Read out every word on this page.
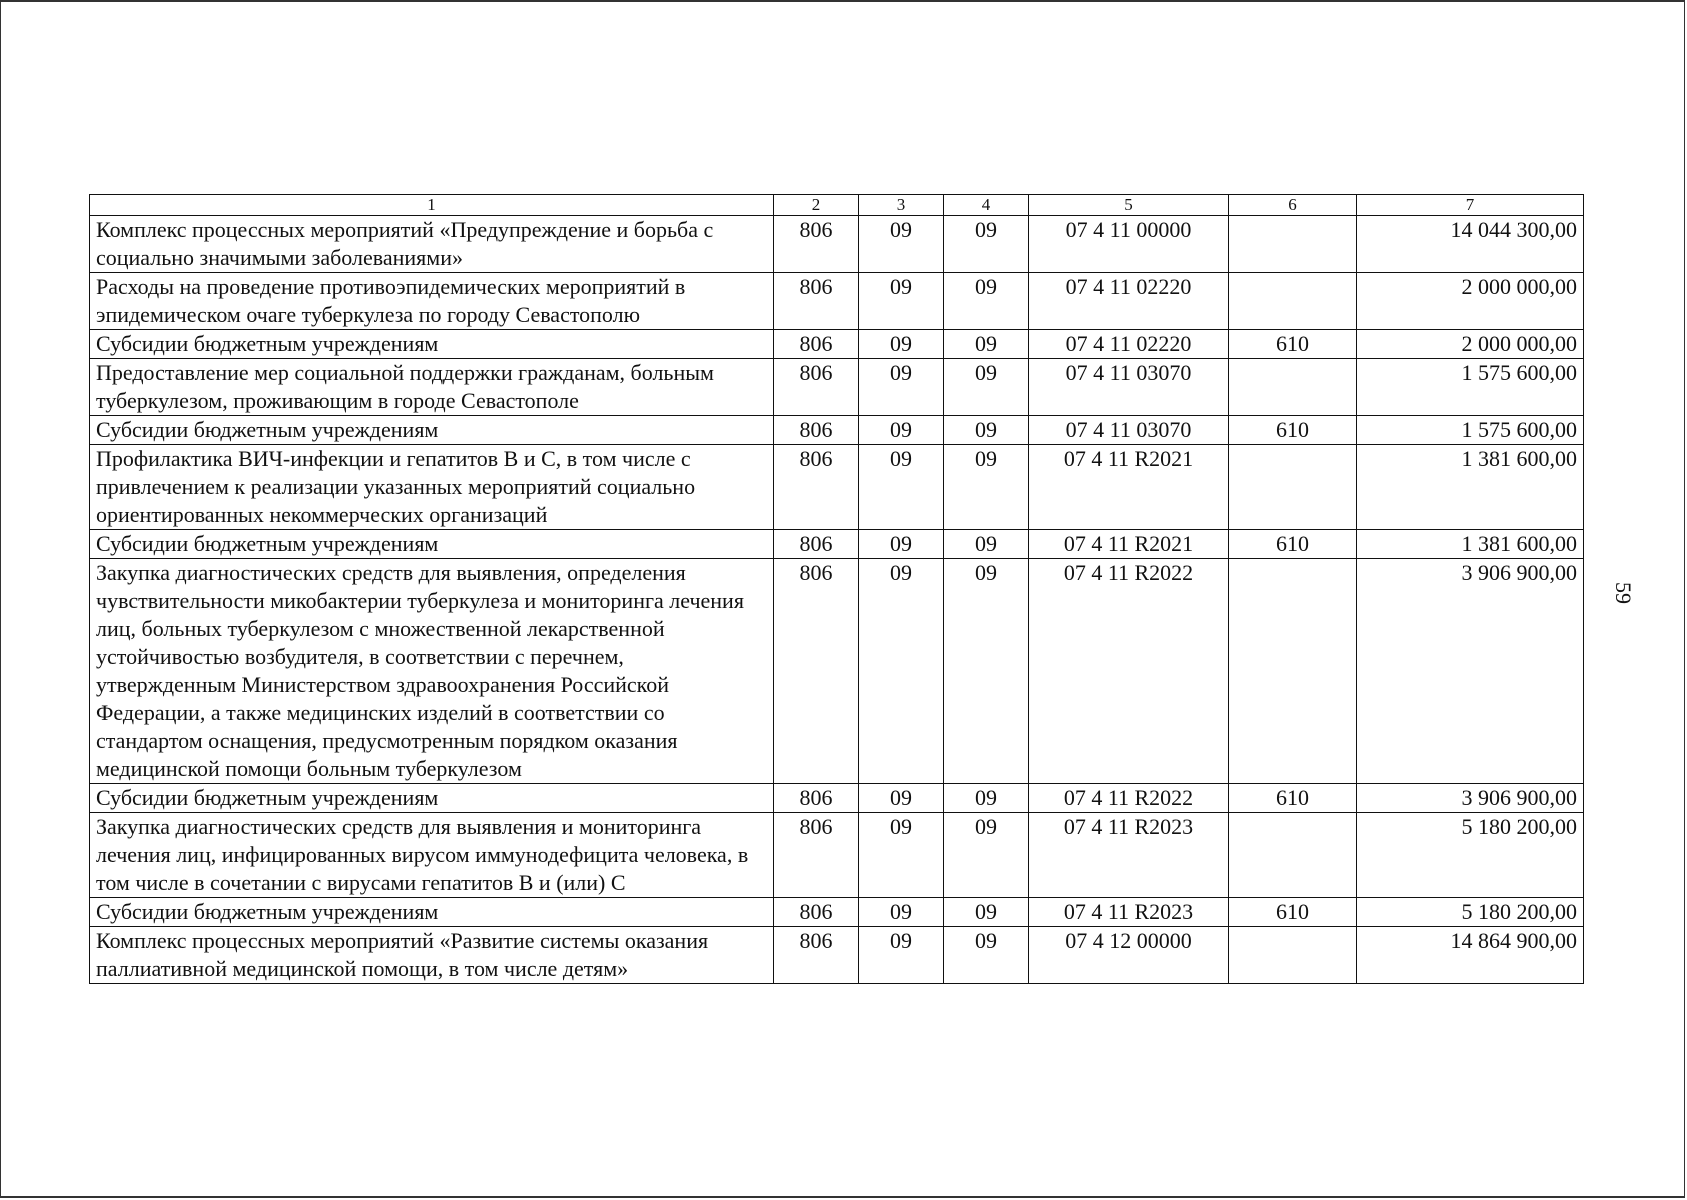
1	2	3	4	5	6	7
Комплекс процессных мероприятий «Предупреждение и борьба с социально значимыми заболеваниями»	806	09	09	07 4 11 00000		14 044 300,00
Расходы на проведение противоэпидемических мероприятий в эпидемическом очаге туберкулеза по городу Севастополю	806	09	09	07 4 11 02220		2 000 000,00
Субсидии бюджетным учреждениям	806	09	09	07 4 11 02220	610	2 000 000,00
Предоставление мер социальной поддержки гражданам, больным туберкулезом, проживающим в городе Севастополе	806	09	09	07 4 11 03070		1 575 600,00
Субсидии бюджетным учреждениям	806	09	09	07 4 11 03070	610	1 575 600,00
Профилактика ВИЧ-инфекции и гепатитов B и C, в том числе с привлечением к реализации указанных мероприятий социально ориентированных некоммерческих организаций	806	09	09	07 4 11 R2021		1 381 600,00
Субсидии бюджетным учреждениям	806	09	09	07 4 11 R2021	610	1 381 600,00
Закупка диагностических средств для выявления, определения чувствительности микобактерии туберкулеза и мониторинга лечения лиц, больных туберкулезом с множественной лекарственной устойчивостью возбудителя, в соответствии с перечнем, утвержденным Министерством здравоохранения Российской Федерации, а также медицинских изделий в соответствии со стандартом оснащения, предусмотренным порядком оказания медицинской помощи больным туберкулезом	806	09	09	07 4 11 R2022		3 906 900,00
Субсидии бюджетным учреждениям	806	09	09	07 4 11 R2022	610	3 906 900,00
Закупка диагностических средств для выявления и мониторинга лечения лиц, инфицированных вирусом иммунодефицита человека, в том числе в сочетании с вирусами гепатитов B и (или) C	806	09	09	07 4 11 R2023		5 180 200,00
Субсидии бюджетным учреждениям	806	09	09	07 4 11 R2023	610	5 180 200,00
Комплекс процессных мероприятий «Развитие системы оказания паллиативной медицинской помощи, в том числе детям»	806	09	09	07 4 12 00000		14 864 900,00
59
